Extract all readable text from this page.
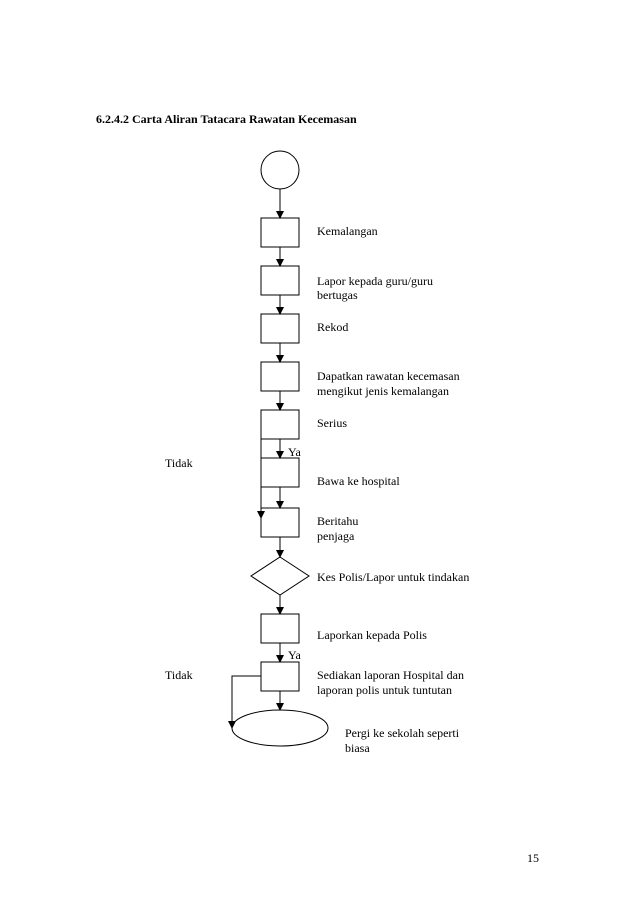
6.2.4.2 Carta Aliran Tatacara Rawatan Kecemasan
Kemalangan
Lapor kepada guru/guru
bertugas
Rekod
Dapatkan rawatan kecemasan
mengikut jenis kemalangan
Serius
Bawa ke hospital
Beritahu
penjaga
Kes Polis/Lapor untuk tindakan
Laporkan kepada Polis
Sediakan laporan Hospital dan
laporan polis untuk tuntutan
Pergi ke sekolah seperti
biasa
Ya
Tidak
Ya
Tidak
15
